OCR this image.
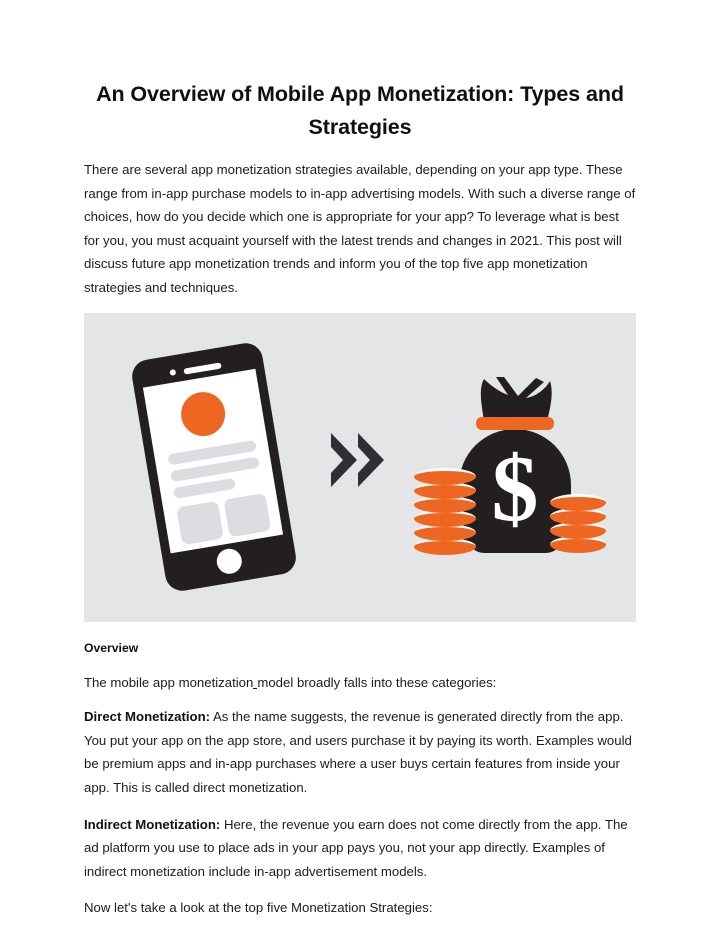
An Overview of Mobile App Monetization: Types and Strategies

There are several app monetization strategies available, depending on your app type. These range from in-app purchase models to in-app advertising models. With such a diverse range of choices, how do you decide which one is appropriate for your app? To leverage what is best for you, you must acquaint yourself with the latest trends and changes in 2021. This post will discuss future app monetization trends and inform you of the top five app monetization strategies and techniques.

$
Overview

The mobile app monetization model broadly falls into these categories:

Direct Monetization: As the name suggests, the revenue is generated directly from the app. You put your app on the app store, and users purchase it by paying its worth. Examples would be premium apps and in-app purchases where a user buys certain features from inside your app. This is called direct monetization.

Indirect Monetization: Here, the revenue you earn does not come directly from the app. The ad platform you use to place ads in your app pays you, not your app directly. Examples of indirect monetization include in-app advertisement models.

Now let's take a look at the top five Monetization Strategies:
